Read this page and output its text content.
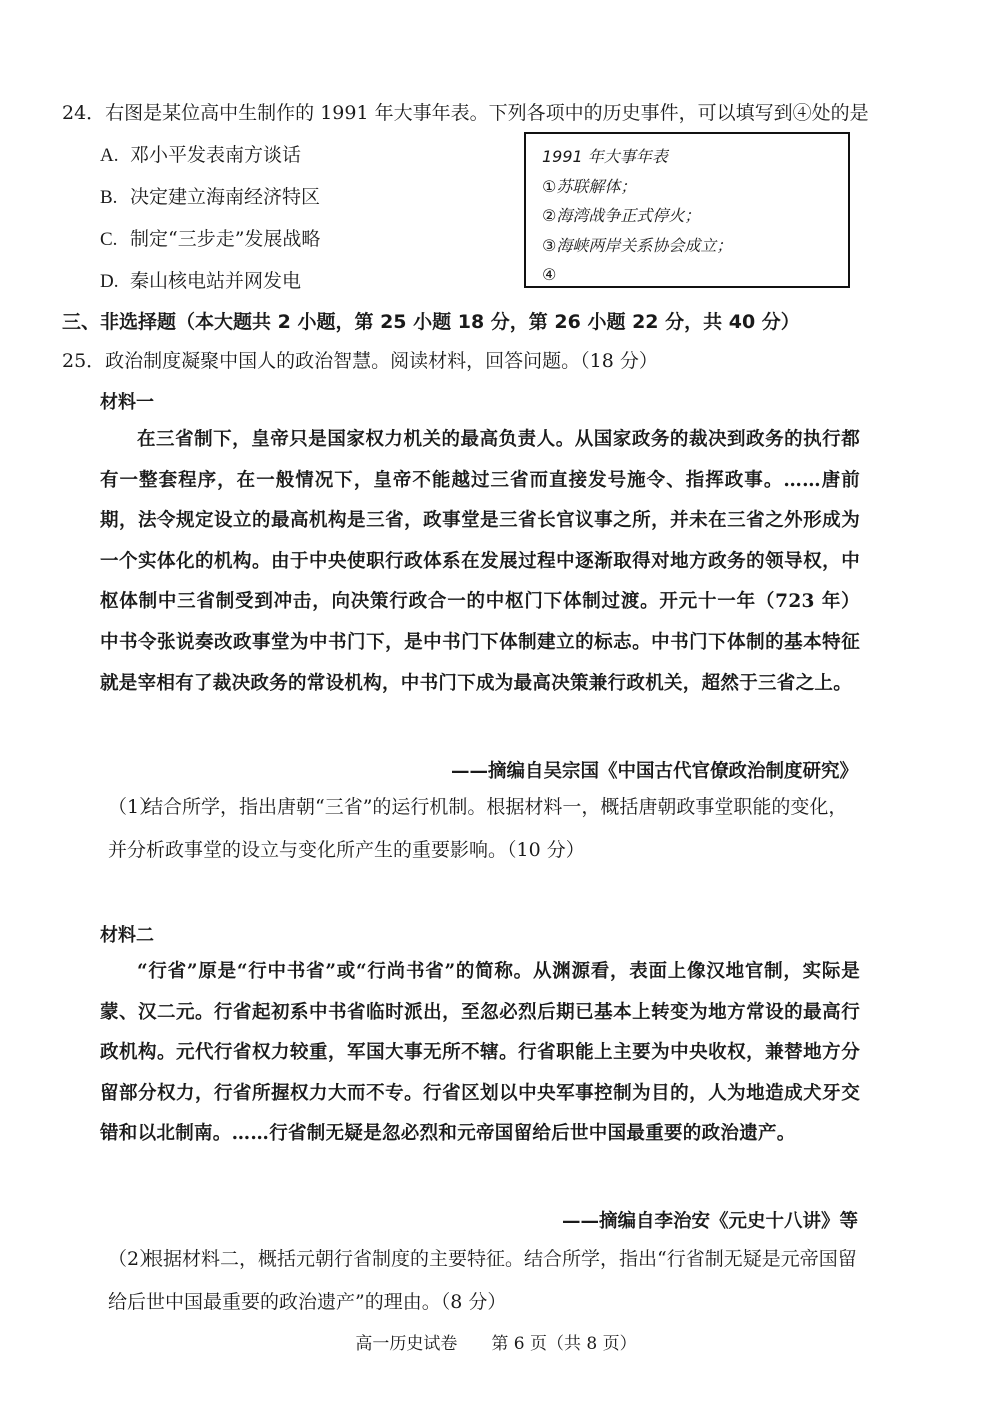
24．右图是某位高中生制作的 1991 年大事年表。下列各项中的历史事件，可以填写到④处的是
A. 邓小平发表南方谈话
B. 决定建立海南经济特区
C. 制定“三步走”发展战略
D. 秦山核电站并网发电
1991 年大事年表
①苏联解体；
②海湾战争正式停火；
③海峡两岸关系协会成立；
④
三、非选择题（本大题共 2 小题，第 25 小题 18 分，第 26 小题 22 分，共 40 分）
25．政治制度凝聚中国人的政治智慧。阅读材料，回答问题。（18 分）
材料一
在三省制下，皇帝只是国家权力机关的最高负责人。从国家政务的裁决到政务的执行都有一整套程序，在一般情况下，皇帝不能越过三省而直接发号施令、指挥政事。……唐前期，法令规定设立的最高机构是三省，政事堂是三省长官议事之所，并未在三省之外形成为一个实体化的机构。由于中央使职行政体系在发展过程中逐渐取得对地方政务的领导权，中枢体制中三省制受到冲击，向决策行政合一的中枢门下体制过渡。开元十一年（723 年）中书令张说奏改政事堂为中书门下，是中书门下体制建立的标志。中书门下体制的基本特征就是宰相有了裁决政务的常设机构，中书门下成为最高决策兼行政机关，超然于三省之上。
——摘编自吴宗国《中国古代官僚政治制度研究》
（1）结合所学，指出唐朝“三省”的运行机制。根据材料一，概括唐朝政事堂职能的变化，并分析政事堂的设立与变化所产生的重要影响。（10 分）
材料二
“行省”原是“行中书省”或“行尚书省”的简称。从渊源看，表面上像汉地官制，实际是蒙、汉二元。行省起初系中书省临时派出，至忽必烈后期已基本上转变为地方常设的最高行政机构。元代行省权力较重，军国大事无所不辖。行省职能上主要为中央收权，兼替地方分留部分权力，行省所握权力大而不专。行省区划以中央军事控制为目的，人为地造成犬牙交错和以北制南。……行省制无疑是忽必烈和元帝国留给后世中国最重要的政治遗产。
——摘编自李治安《元史十八讲》等
（2）根据材料二，概括元朝行省制度的主要特征。结合所学，指出“行省制无疑是元帝国留给后世中国最重要的政治遗产”的理由。（8 分）
高一历史试卷　　第 6 页（共 8 页）
